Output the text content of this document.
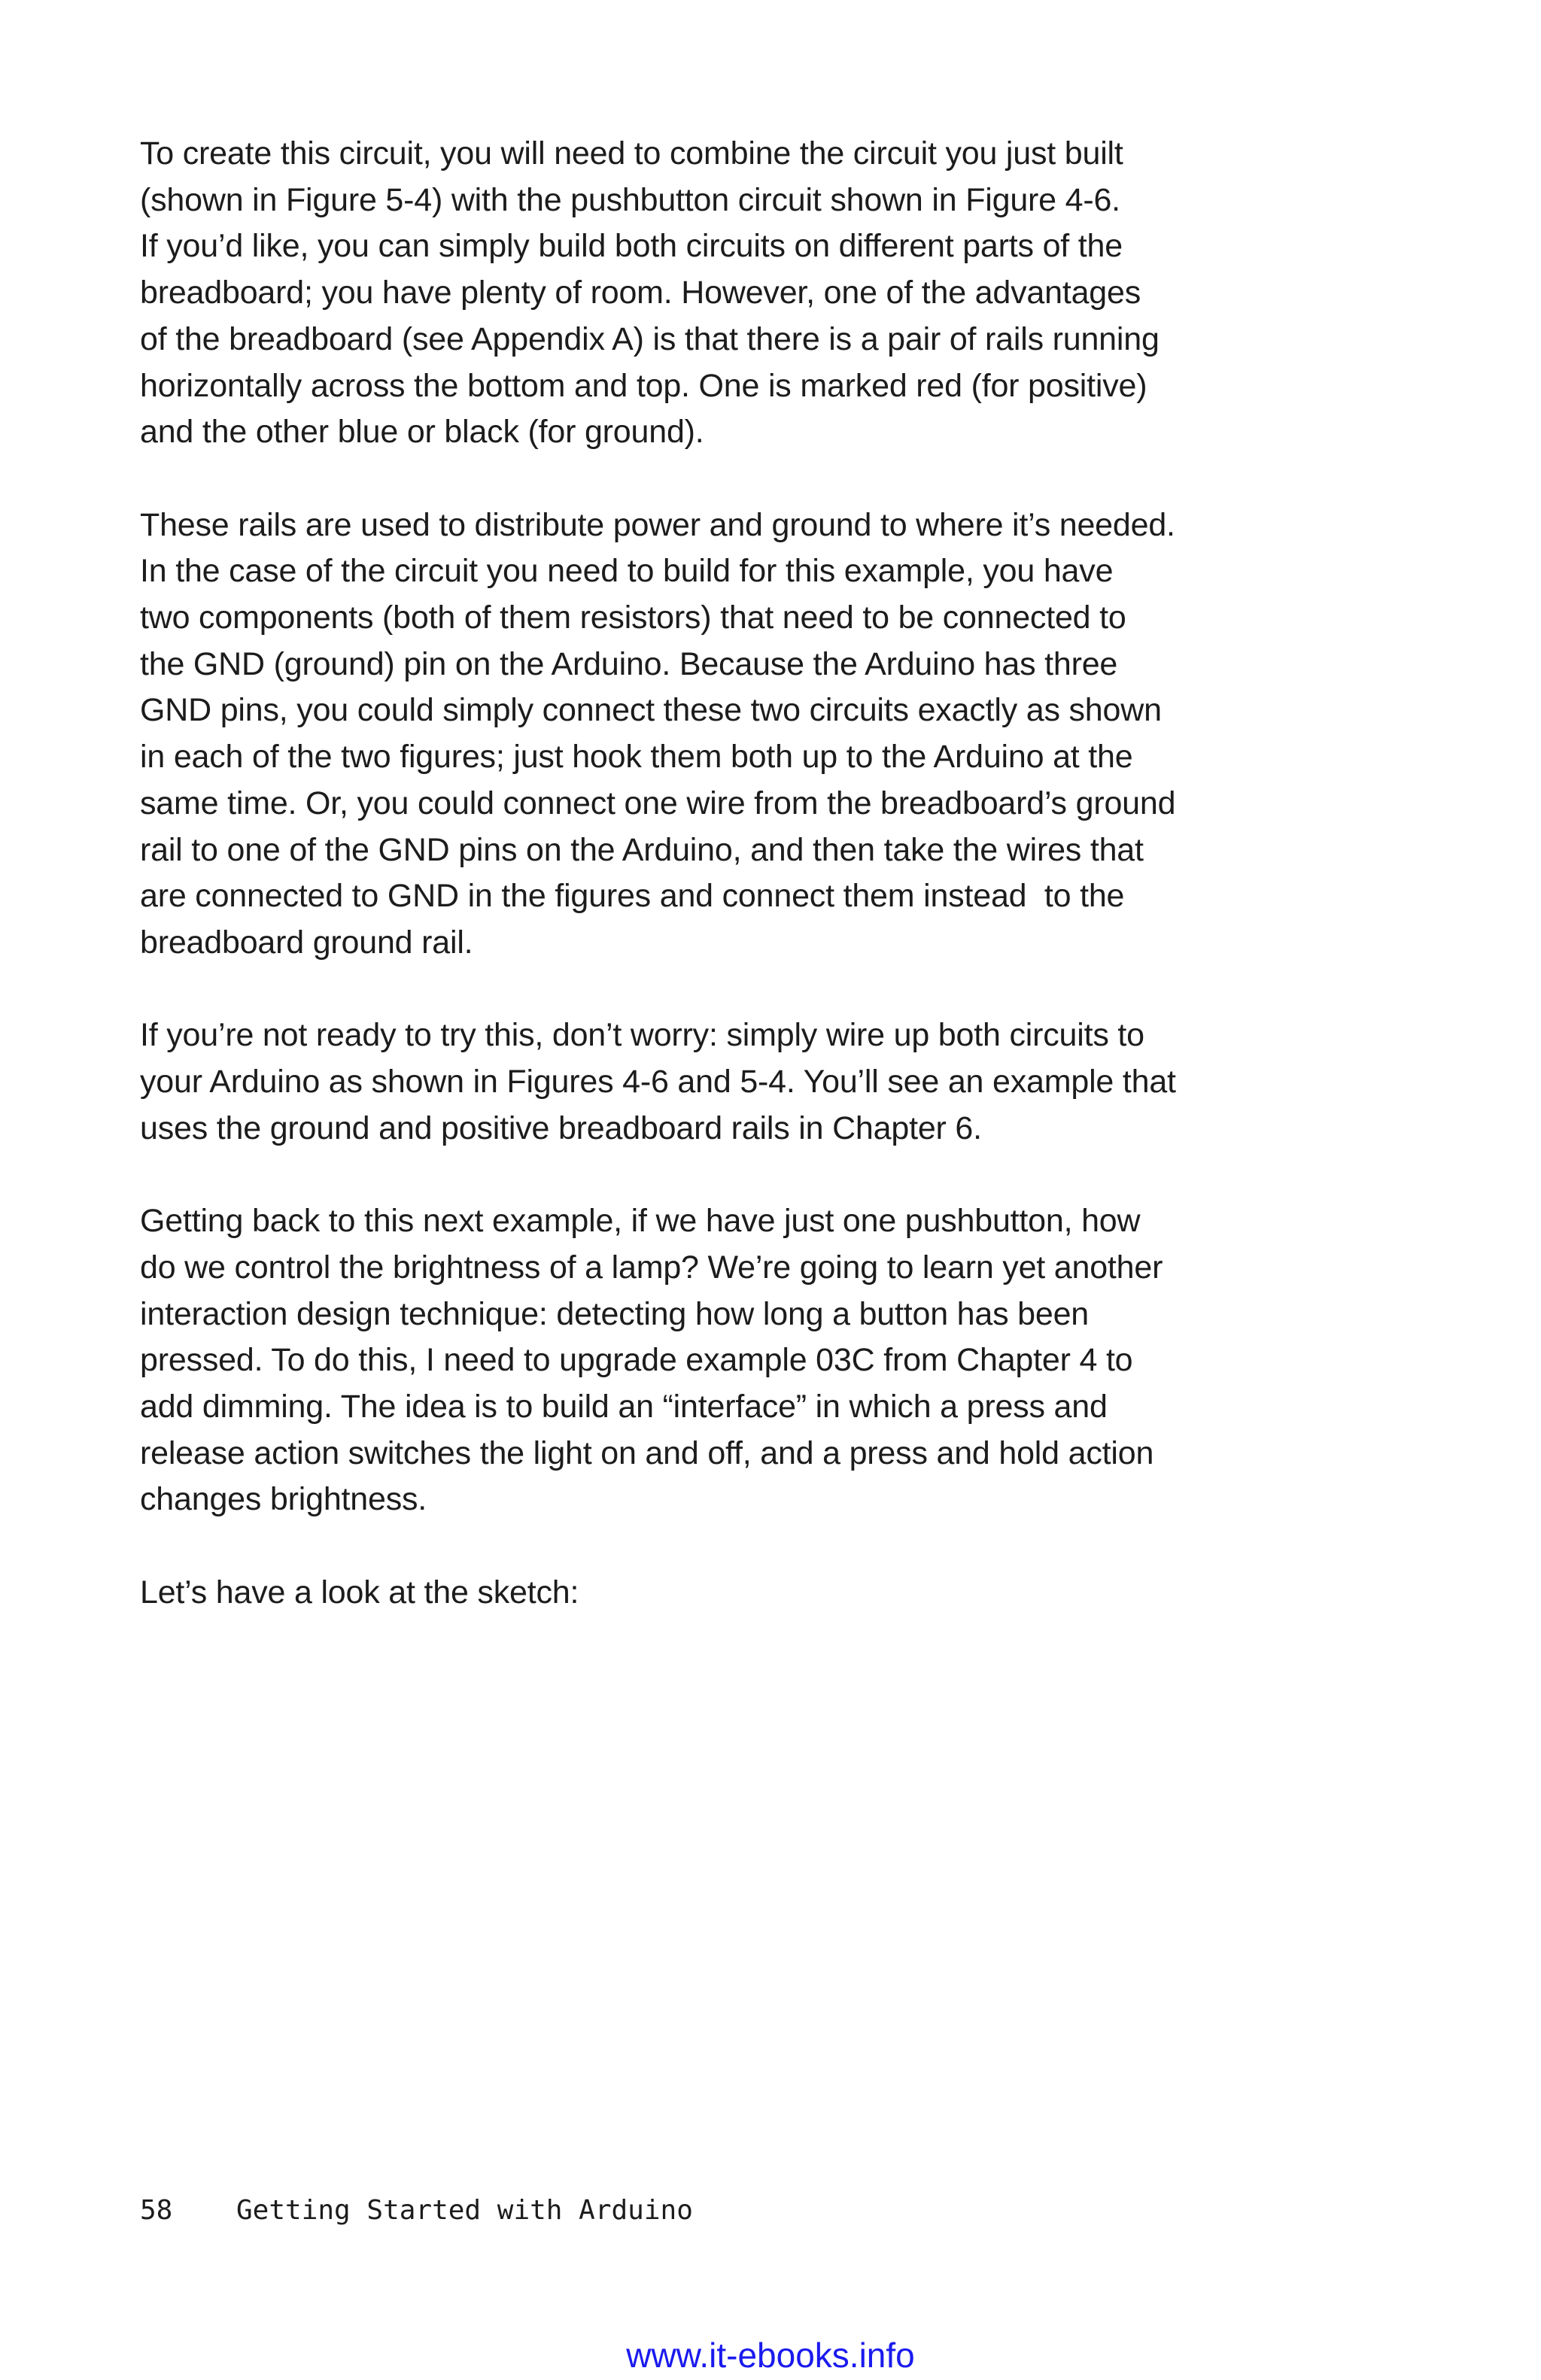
To create this circuit, you will need to combine the circuit you just built
(shown in Figure 5-4) with the pushbutton circuit shown in Figure 4-6.
If you’d like, you can simply build both circuits on different parts of the
breadboard; you have plenty of room. However, one of the advantages
of the breadboard (see Appendix A) is that there is a pair of rails running
horizontally across the bottom and top. One is marked red (for positive)
and the other blue or black (for ground).

These rails are used to distribute power and ground to where it’s needed.
In the case of the circuit you need to build for this example, you have
two components (both of them resistors) that need to be connected to
the GND (ground) pin on the Arduino. Because the Arduino has three
GND pins, you could simply connect these two circuits exactly as shown
in each of the two figures; just hook them both up to the Arduino at the
same time. Or, you could connect one wire from the breadboard’s ground
rail to one of the GND pins on the Arduino, and then take the wires that
are connected to GND in the figures and connect them instead  to the
breadboard ground rail.

If you’re not ready to try this, don’t worry: simply wire up both circuits to
your Arduino as shown in Figures 4-6 and 5-4. You’ll see an example that
uses the ground and positive breadboard rails in Chapter 6.

Getting back to this next example, if we have just one pushbutton, how
do we control the brightness of a lamp? We’re going to learn yet another
interaction design technique: detecting how long a button has been
pressed. To do this, I need to upgrade example 03C from Chapter 4 to
add dimming. The idea is to build an “interface” in which a press and
release action switches the light on and off, and a press and hold action
changes brightness.

Let’s have a look at the sketch:

58 Getting Started with Arduino
www.it-ebooks.info
